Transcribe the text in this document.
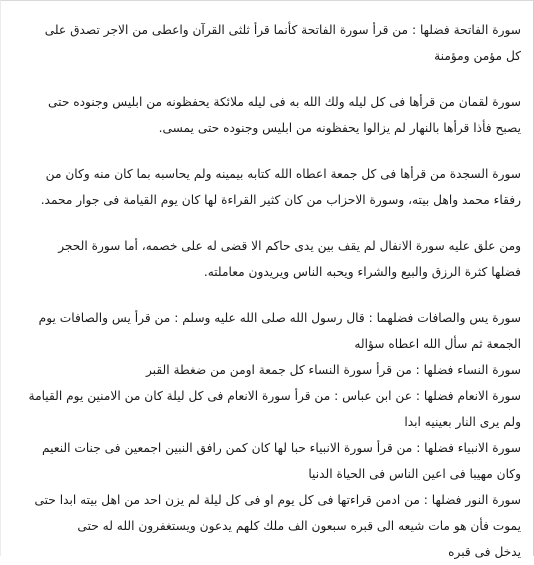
سورة الفاتحة فضلها : من قرأ سورة الفاتحة كأنما قرأ ثلثى القرآن واعطى من الاجر تصدق على
كل مؤمن ومؤمنة

سورة لقمان من قرأها فى كل ليله ولك الله به فى ليله ملائكة يحفظونه من ابليس وجنوده حتى
يصبح فأذا قرأها بالنهار لم يزالوا يحفظونه من ابليس وجنوده حتى يمسى.

سورة السجدة من قرأها فى كل جمعة اعطاه الله كتابه بيمينه ولم يحاسبه بما كان منه وكان من
رفقاء محمد واهل بيته، وسورة الاحزاب من كان كثير القراءة لها كان يوم القيامة فى جوار محمد.

ومن علق عليه سورة الانفال لم يقف بين يدى حاكم الا قضى له على خصمه، أما سورة الحجر
فضلها كثرة الرزق والبيع والشراء ويحبه الناس ويريدون معاملته.

سورة يس والصافات فضلهما : قال رسول الله صلى الله عليه وسلم : من قرأ يس والصافات يوم
الجمعة ثم سأل الله اعطاه سؤاله
سورة النساء فضلها : من قرأ سورة النساء كل جمعة اومن من ضغطة القبر
سورة الانعام فضلها : عن ابن عباس : من قرأ سورة الانعام فى كل ليلة كان من الامنين يوم القيامة
ولم يرى النار بعينيه ابدا
سورة الانبياء فضلها : من قرأ سورة الانبياء حبا لها كان كمن رافق النبين اجمعين فى جنات النعيم
وكان مهيبا فى اعين الناس فى الحياة الدنيا
سورة النور فضلها : من ادمن قراءتها فى كل يوم او فى كل ليلة لم يزن احد من اهل بيته ابدا حتى
يموت فأن هو مات شيعه الى قبره سبعون الف ملك كلهم يدعون ويستغفرون الله له حتى
يدخل فى قبره
